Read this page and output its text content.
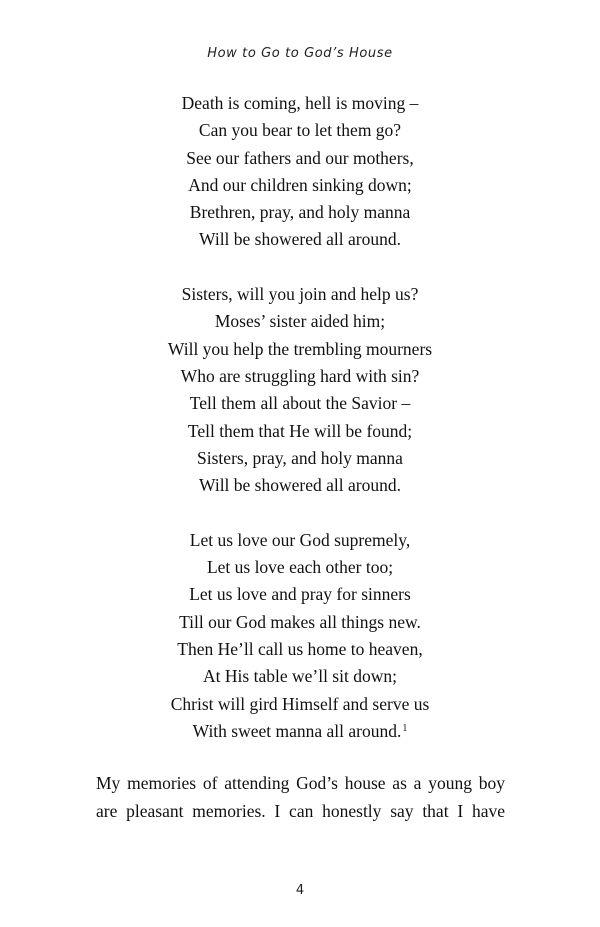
How to Go to God’s House
Death is coming, hell is moving –
Can you bear to let them go?
See our fathers and our mothers,
And our children sinking down;
Brethren, pray, and holy manna
Will be showered all around.
Sisters, will you join and help us?
Moses’ sister aided him;
Will you help the trembling mourners
Who are struggling hard with sin?
Tell them all about the Savior –
Tell them that He will be found;
Sisters, pray, and holy manna
Will be showered all around.
Let us love our God supremely,
Let us love each other too;
Let us love and pray for sinners
Till our God makes all things new.
Then He’ll call us home to heaven,
At His table we’ll sit down;
Christ will gird Himself and serve us
With sweet manna all around.$^1$
My memories of attending God’s house as a young boy
are pleasant memories. I can honestly say that I have
4
